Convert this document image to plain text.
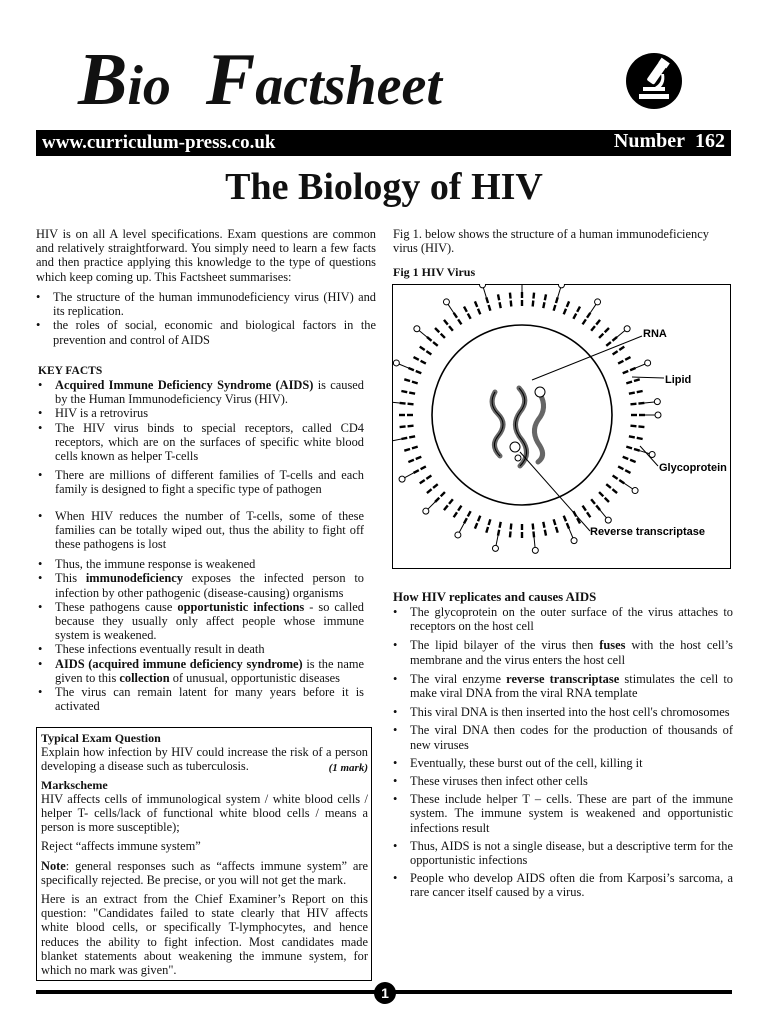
Bio Factsheet
www.curriculum-press.co.uk	Number 162
The Biology of HIV
HIV is on all A level specifications. Exam questions are common and relatively straightforward. You simply need to learn a few facts and then practice applying this knowledge to the type of questions which keep coming up. This Factsheet summarises:
• The structure of the human immunodeficiency virus (HIV) and its replication.
• the roles of social, economic and biological factors in the prevention and control of AIDS
KEY FACTS
• Acquired Immune Deficiency Syndrome (AIDS) is caused by the Human Immunodeficiency Virus (HIV).
• HIV is a retrovirus
• The HIV virus binds to special receptors, called CD4 receptors, which are on the surfaces of specific white blood cells known as helper T-cells
• There are millions of different families of T-cells and each family is designed to fight a specific type of pathogen
• When HIV reduces the number of T-cells, some of these families can be totally wiped out, thus the ability to fight off these pathogens is lost
• Thus, the immune response is weakened
• This immunodeficiency exposes the infected person to infection by other pathogenic (disease-causing) organisms
• These pathogens cause opportunistic infections - so called because they usually only affect people whose immune system is weakened.
• These infections eventually result in death
• AIDS (acquired immune deficiency syndrome) is the name given to this collection of unusual, opportunistic diseases
• The virus can remain latent for many years before it is activated
Typical Exam Question

Explain how infection by HIV could increase the risk of a person developing a disease such as tuberculosis.	(1 mark)

Markscheme

HIV affects cells of immunological system / white blood cells / helper T- cells/lack of functional white blood cells / means a person is more susceptible);

Reject “affects immune system”

Note: general responses such as “affects immune system” are specifically rejected. Be precise, or you will not get the mark.

Here is an extract from the Chief Examiner’s Report on this question: "Candidates failed to state clearly that HIV affects white blood cells, or specifically T-lymphocytes, and hence reduces the ability to fight infection. Most candidates made blanket statements about weakening the immune system, for which no mark was given".

Fig 1. below shows the structure of a human immunodeficiency virus (HIV).
Fig 1 HIV Virus
RNA
Lipid
Glycoprotein
Reverse transcriptase
How HIV replicates and causes AIDS
• The glycoprotein on the outer surface of the virus attaches to receptors on the host cell
• The lipid bilayer of the virus then fuses with the host cell’s membrane and the virus enters the host cell
• The viral enzyme reverse transcriptase stimulates the cell to make viral DNA from the viral RNA template
• This viral DNA is then inserted into the host cell's chromosomes
• The viral DNA then codes for the production of thousands of new viruses
• Eventually, these burst out of the cell, killing it
• These viruses then infect other cells
• These include helper T – cells. These are part of the immune system. The immune system is weakened and opportunistic infections result
• Thus, AIDS is not a single disease, but a descriptive term for the opportunistic infections
• People who develop AIDS often die from Karposi’s sarcoma, a rare cancer itself caused by a virus.
1
